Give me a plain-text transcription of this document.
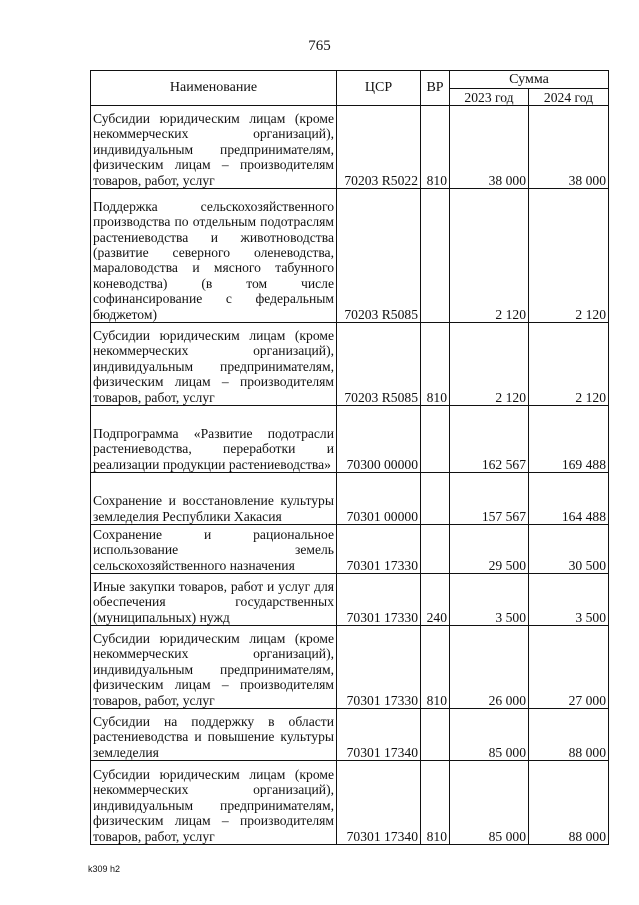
765
Наименование	ЦСР	ВР	Сумма	
			2023 год	2024 год
Субсидии юридическим лицам (кроме некоммерческих организаций), индивидуальным предпринимателям, физическим лицам – производителям товаров, работ, услуг	70203 R5022	810	38 000	38 000
Поддержка сельскохозяйственного производства по отдельным подотраслям растениеводства и животноводства (развитие северного оленеводства, мараловодства и мясного табунного коневодства) (в том числе софинансирование с федеральным бюджетом)	70203 R5085		2 120	2 120
Субсидии юридическим лицам (кроме некоммерческих организаций), индивидуальным предпринимателям, физическим лицам – производителям товаров, работ, услуг	70203 R5085	810	2 120	2 120
Подпрограмма «Развитие подотрасли растениеводства, переработки и реализации продукции растениеводства»	70300 00000		162 567	169 488
Сохранение и восстановление культуры земледелия Республики Хакасия	70301 00000		157 567	164 488
Сохранение и рациональное использование земель сельскохозяйственного назначения	70301 17330		29 500	30 500
Иные закупки товаров, работ и услуг для обеспечения государственных (муниципальных) нужд	70301 17330	240	3 500	3 500
Субсидии юридическим лицам (кроме некоммерческих организаций), индивидуальным предпринимателям, физическим лицам – производителям товаров, работ, услуг	70301 17330	810	26 000	27 000
Субсидии на поддержку в области растениеводства и повышение культуры земледелия	70301 17340		85 000	88 000
Субсидии юридическим лицам (кроме некоммерческих организаций), индивидуальным предпринимателям, физическим лицам – производителям товаров, работ, услуг	70301 17340	810	85 000	88 000
k309 h2
